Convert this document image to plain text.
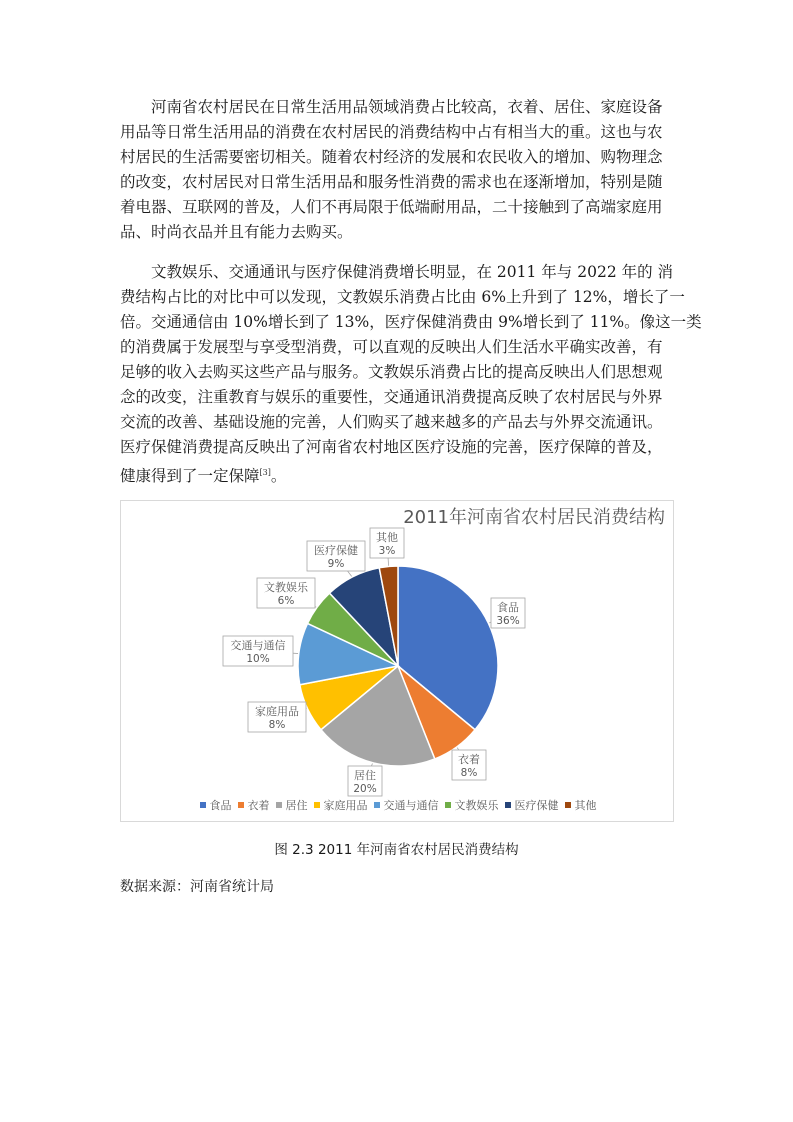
河南省农村居民在日常生活用品领域消费占比较高，衣着、居住、家庭设备
用品等日常生活用品的消费在农村居民的消费结构中占有相当大的重。这也与农
村居民的生活需要密切相关。随着农村经济的发展和农民收入的增加、购物理念
的改变，农村居民对日常生活用品和服务性消费的需求也在逐渐增加，特别是随
着电器、互联网的普及，人们不再局限于低端耐用品，二十接触到了高端家庭用
品、时尚衣品并且有能力去购买。
文教娱乐、交通通讯与医疗保健消费增长明显，在 2011 年与 2022 年的 消
费结构占比的对比中可以发现，文教娱乐消费占比由 6%上升到了 12%，增长了一
倍。交通通信由 10%增长到了 13%，医疗保健消费由 9%增长到了 11%。像这一类
的消费属于发展型与享受型消费，可以直观的反映出人们生活水平确实改善，有
足够的收入去购买这些产品与服务。文教娱乐消费占比的提高反映出人们思想观
念的改变，注重教育与娱乐的重要性，交通通讯消费提高反映了农村居民与外界
交流的改善、基础设施的完善，人们购买了越来越多的产品去与外界交流通讯。
医疗保健消费提高反映出了河南省农村地区医疗设施的完善，医疗保障的普及，
健康得到了一定保障[3]。
2011年河南省农村居民消费结构
食品
36%
衣着
8%
居住
20%
家庭用品
8%
交通与通信
10%
文教娱乐
6%
医疗保健
9%
其他
3%
食品 衣着 居住 家庭用品 交通与通信 文教娱乐 医疗保健 其他
图 2.3 2011 年河南省农村居民消费结构
数据来源：河南省统计局
